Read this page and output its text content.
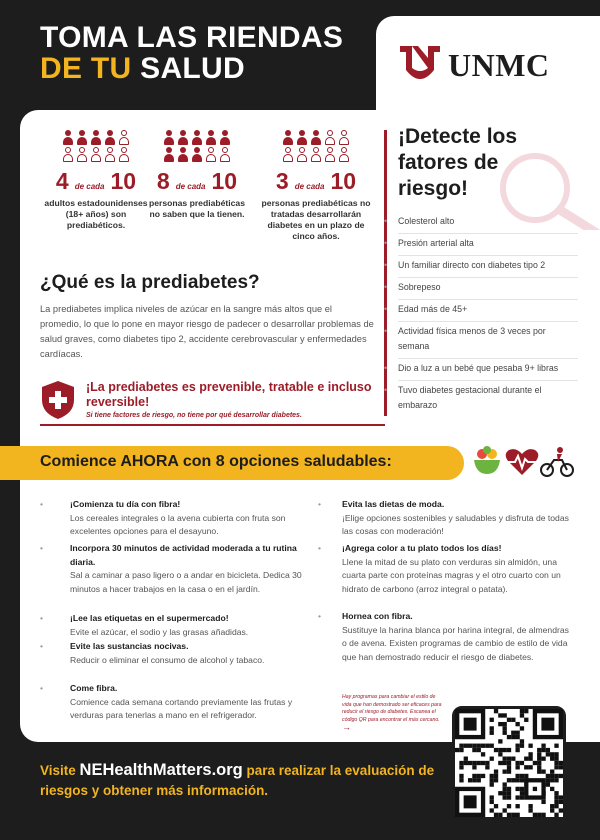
TOMA LAS RIENDAS
DE TU SALUD	UNMC
4 de cada 10
adultos estadounidenses (18+ años) son prediabéticos.
8 de cada 10
personas prediabéticas no saben que la tienen.
3 de cada 10
personas prediabéticas no tratadas desarrollarán diabetes en un plazo de cinco años.
¿Qué es la prediabetes?

La prediabetes implica niveles de azúcar en la sangre más altos que el promedio, lo que lo pone en mayor riesgo de padecer o desarrollar problemas de salud graves, como diabetes tipo 2, accidente cerebrovascular y enfermedades cardíacas.

¡La prediabetes es prevenible, tratable e incluso reversible!
Si tiene factores de riesgo, no tiene por qué desarrollar diabetes.
¡Detecte los fatores de riesgo!
• Colesterol alto
• Presión arterial alta
• Un familiar directo con diabetes tipo 2
• Sobrepeso
• Edad más de 45+
• Actividad física menos de 3 veces por semana
• Dio a luz a un bebé que pesaba 9+ libras
• Tuvo diabetes gestacional durante el embarazo
Comience AHORA con 8 opciones saludables:
•	¡Comienza tu día con fibra!
Los cereales integrales o la avena cubierta con fruta son excelentes opciones para el desayuno.
•	Incorpora 30 minutos de actividad moderada a tu rutina diaria.
Sal a caminar a paso ligero o a andar en bicicleta. Dedica 30 minutos a hacer trabajos en la casa o en el jardín.
•	¡Lee las etiquetas en el supermercado!
Evite el azúcar, el sodio y las grasas añadidas.
•	Evite las sustancias nocivas.
Reducir o eliminar el consumo de alcohol y tabaco.
•	Come fibra.
Comience cada semana cortando previamente las frutas y verduras para tenerlas a mano en el refrigerador.
• Evita las dietas de moda.
¡Elige opciones sostenibles y saludables y disfruta de todas las cosas con moderación!
• ¡Agrega color a tu plato todos los días!
Llene la mitad de su plato con verduras sin almidón, una cuarta parte con proteínas magras y el otro cuarto con un hidrato de carbono (arroz integral o patata).
• Hornea con fibra.
Sustituye la harina blanca por harina integral, de almendras o de avena. Existen programas de cambio de estilo de vida que han demostrado reducir el riesgo de diabetes.
Hay programas para cambiar el estilo de vida que han demostrado ser eficaces para reducir el riesgo de diabetes. Escanea el código QR para encontrar el más cercano. →
Visite NEHealthMatters.org para realizar la evaluación de riesgos y obtener más información.
